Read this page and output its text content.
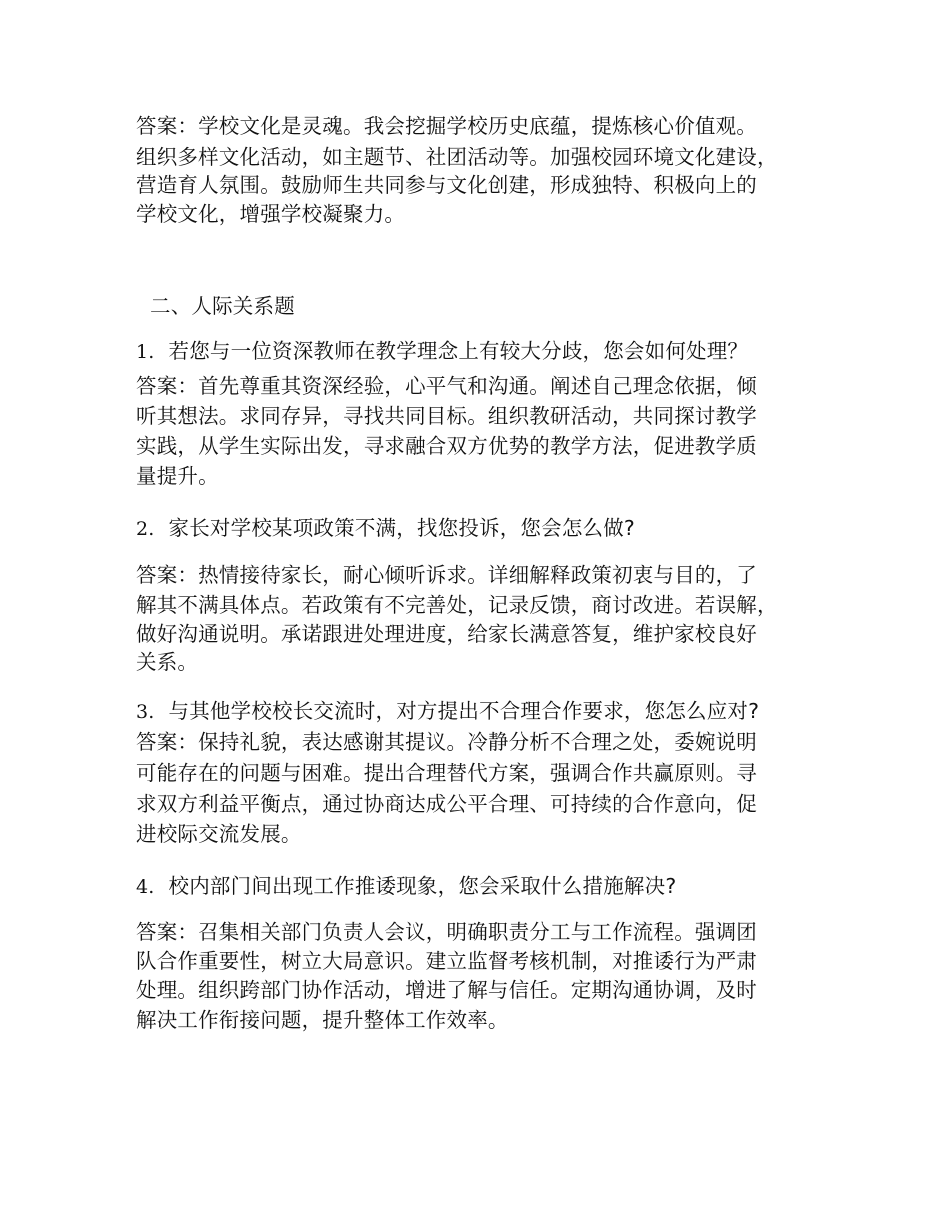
答案：学校文化是灵魂。我会挖掘学校历史底蕴，提炼核心价值观。
组织多样文化活动，如主题节、社团活动等。加强校园环境文化建设，
营造育人氛围。鼓励师生共同参与文化创建，形成独特、积极向上的
学校文化，增强学校凝聚力。
二、人际关系题
1. 若您与一位资深教师在教学理念上有较大分歧，您会如何处理？
答案：首先尊重其资深经验，心平气和沟通。阐述自己理念依据，倾
听其想法。求同存异，寻找共同目标。组织教研活动，共同探讨教学
实践，从学生实际出发，寻求融合双方优势的教学方法，促进教学质
量提升。
2. 家长对学校某项政策不满，找您投诉，您会怎么做?
答案：热情接待家长，耐心倾听诉求。详细解释政策初衷与目的，了
解其不满具体点。若政策有不完善处，记录反馈，商讨改进。若误解，
做好沟通说明。承诺跟进处理进度，给家长满意答复，维护家校良好
关系。
3. 与其他学校校长交流时，对方提出不合理合作要求，您怎么应对?
答案：保持礼貌，表达感谢其提议。冷静分析不合理之处，委婉说明
可能存在的问题与困难。提出合理替代方案，强调合作共赢原则。寻
求双方利益平衡点，通过协商达成公平合理、可持续的合作意向，促
进校际交流发展。
4. 校内部门间出现工作推诿现象，您会采取什么措施解决?
答案：召集相关部门负责人会议，明确职责分工与工作流程。强调团
队合作重要性，树立大局意识。建立监督考核机制，对推诿行为严肃
处理。组织跨部门协作活动，增进了解与信任。定期沟通协调，及时
解决工作衔接问题，提升整体工作效率。
